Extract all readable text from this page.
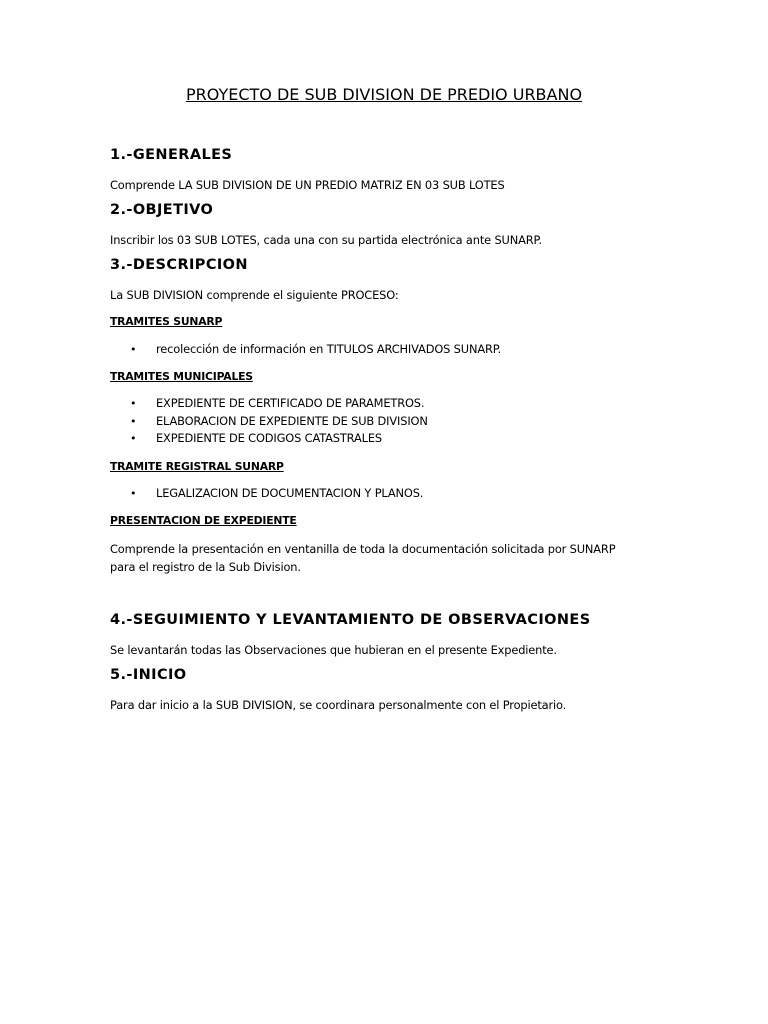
PROYECTO DE SUB DIVISION DE PREDIO URBANO
1.-GENERALES
Comprende LA SUB DIVISION DE UN PREDIO MATRIZ EN 03 SUB LOTES
2.-OBJETIVO
Inscribir los 03 SUB LOTES, cada una con su partida electrónica ante SUNARP.
3.-DESCRIPCION
La SUB DIVISION comprende el siguiente PROCESO:
TRAMITES SUNARP
• recolección de información en TITULOS ARCHIVADOS SUNARP.
TRAMITES MUNICIPALES
• EXPEDIENTE DE CERTIFICADO DE PARAMETROS.
• ELABORACION DE EXPEDIENTE DE SUB DIVISION
• EXPEDIENTE DE CODIGOS CATASTRALES
TRAMITE REGISTRAL SUNARP
• LEGALIZACION DE DOCUMENTACION Y PLANOS.
PRESENTACION DE EXPEDIENTE
Comprende la presentación en ventanilla de toda la documentación solicitada por SUNARP para el registro de la Sub Division.
4.-SEGUIMIENTO Y LEVANTAMIENTO DE OBSERVACIONES
Se levantarán todas las Observaciones que hubieran en el presente Expediente.
5.-INICIO
Para dar inicio a la SUB DIVISION, se coordinara personalmente con el Propietario.
